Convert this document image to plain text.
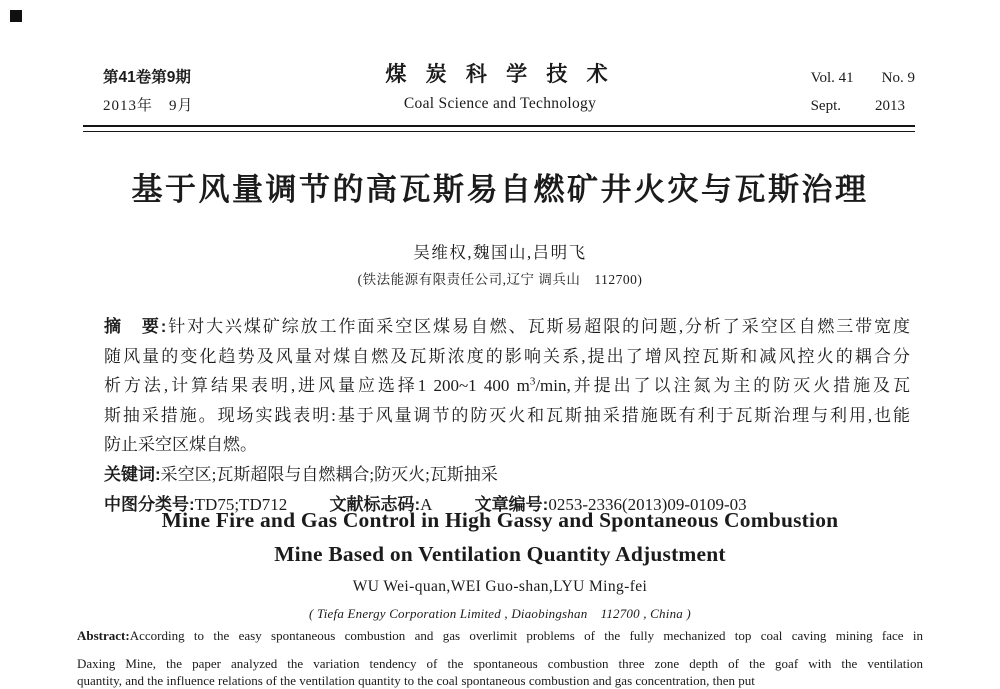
第41卷第9期
2013年　9月
煤 炭 科 学 技 术
Coal Science and Technology
Vol. 41 No. 9
Sept. 2013
基于风量调节的高瓦斯易自燃矿井火灾与瓦斯治理
吴维权,魏国山,吕明飞
(铁法能源有限责任公司,辽宁 调兵山　112700)
摘　要:针对大兴煤矿综放工作面采空区煤易自燃、瓦斯易超限的问题,分析了采空区自燃三带宽度
随风量的变化趋势及风量对煤自燃及瓦斯浓度的影响关系,提出了增风控瓦斯和减风控火的耦合分
析方法,计算结果表明,进风量应选择1 200~1 400 $m^3/\min$,并提出了以注氮为主的防灭火措施及瓦
斯抽采措施。现场实践表明:基于风量调节的防灭火和瓦斯抽采措施既有利于瓦斯治理与利用,也能
防止采空区煤自燃。
关键词:采空区;瓦斯超限与自燃耦合;防灭火;瓦斯抽采
中图分类号:TD75;TD712 文献标志码:A 文章编号:0253-2336(2013)09-0109-03
Mine Fire and Gas Control in High Gassy and Spontaneous Combustion
Mine Based on Ventilation Quantity Adjustment
WU Wei-quan,WEI Guo-shan,LYU Ming-fei
( Tiefa Energy Corporation Limited , Diaobingshan　112700 , China )
Abstract:According to the easy spontaneous combustion and gas overlimit problems of the fully mechanized top coal caving mining face in
Daxing Mine, the paper analyzed the variation tendency of the spontaneous combustion three zone depth of the goaf with the ventilation
quantity, and the influence relations of the ventilation quantity to the coal spontaneous combustion and gas concentration, then put
